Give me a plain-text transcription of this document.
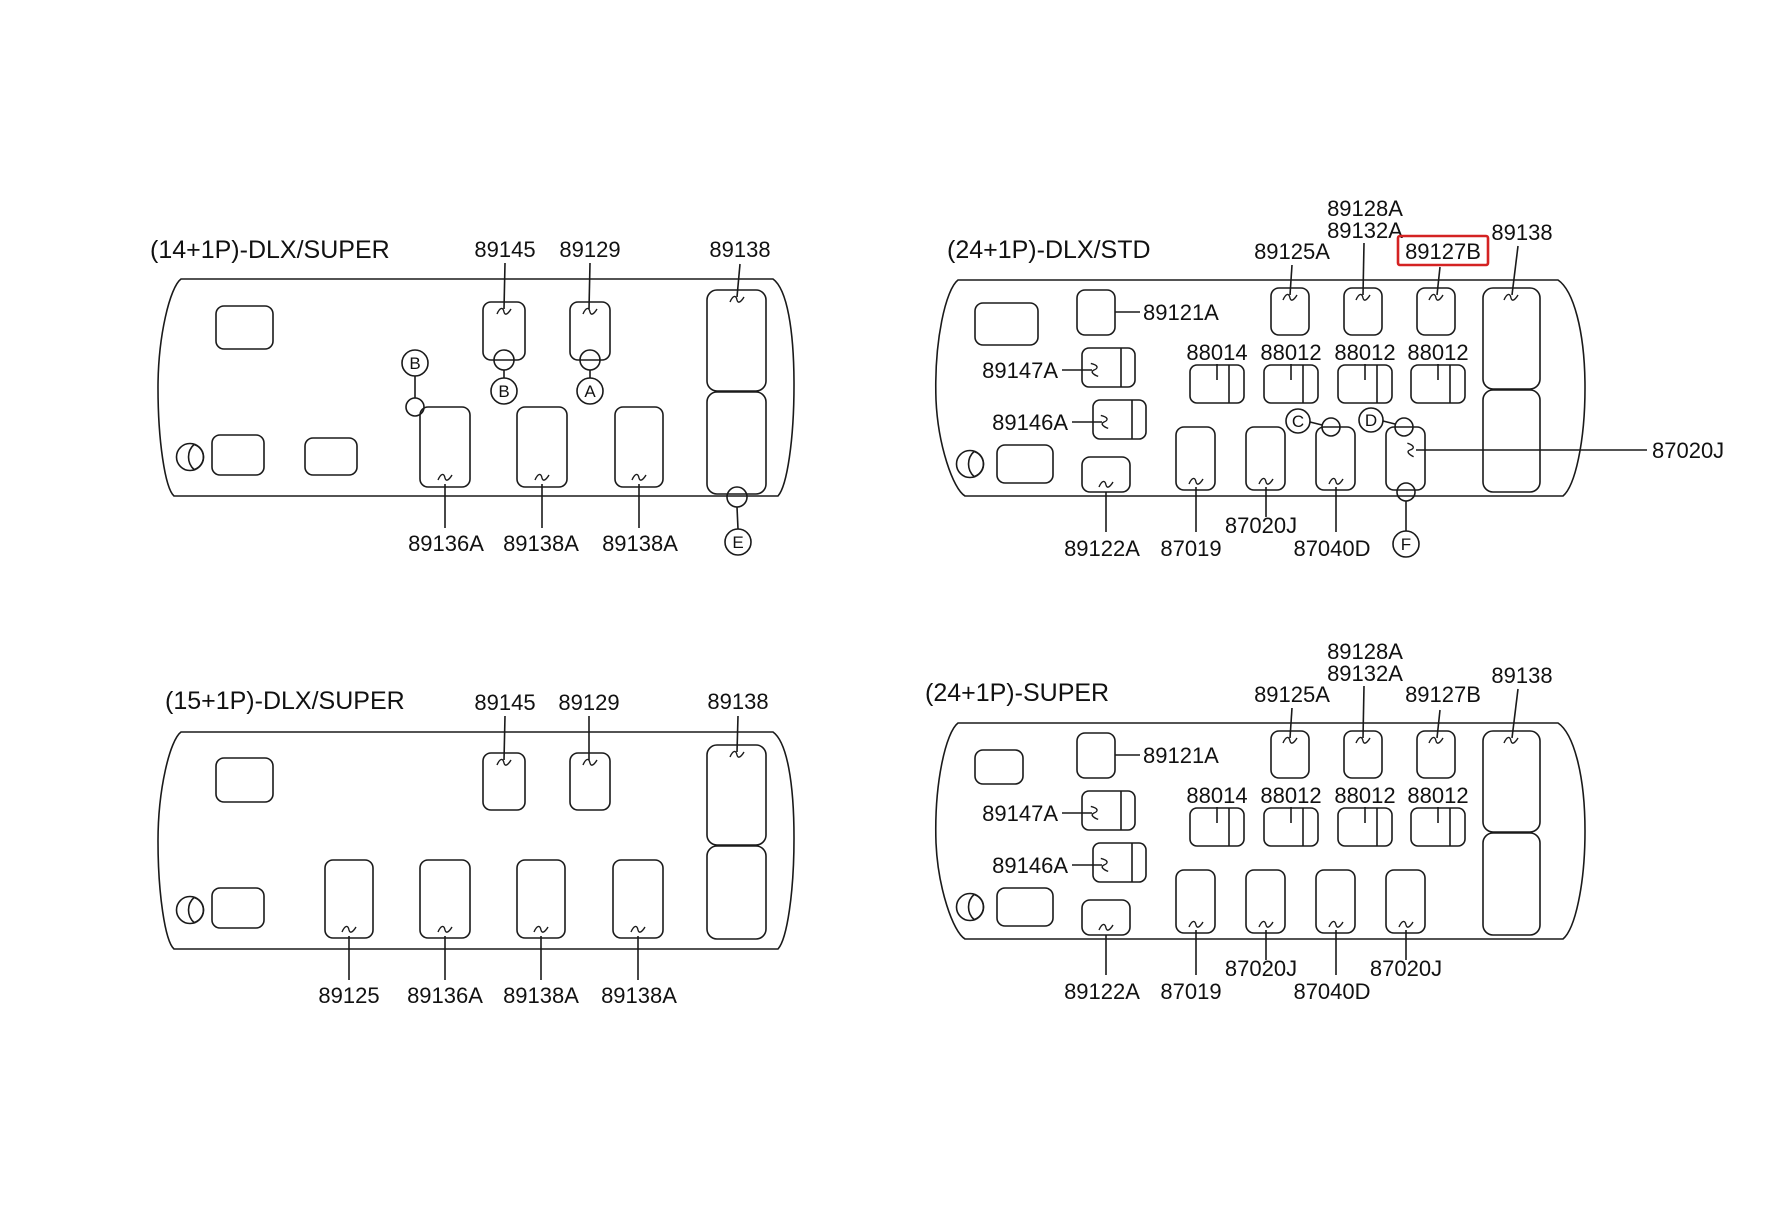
(14+1P)-DLX/SUPER	89145 89129	89138
B
B	A
E
89136A 89138A 89138A
(24+1P)-DLX/STD	89125A
89128A
89132A
89127B
89138
89121A
89147A
89146A
88014 88012 88012 88012
C	D
F
89122A 87019
87020J
87040D
87020J
(15+1P)-DLX/SUPER	89145 89129	89138
89125 89136A 89138A 89138A
(24+1P)-SUPER	89125A
89128A
89132A
89127B
89138
89121A
89147A
89146A
88014 88012 88012 88012
89122A 87019
87020J
87040D
87020J
